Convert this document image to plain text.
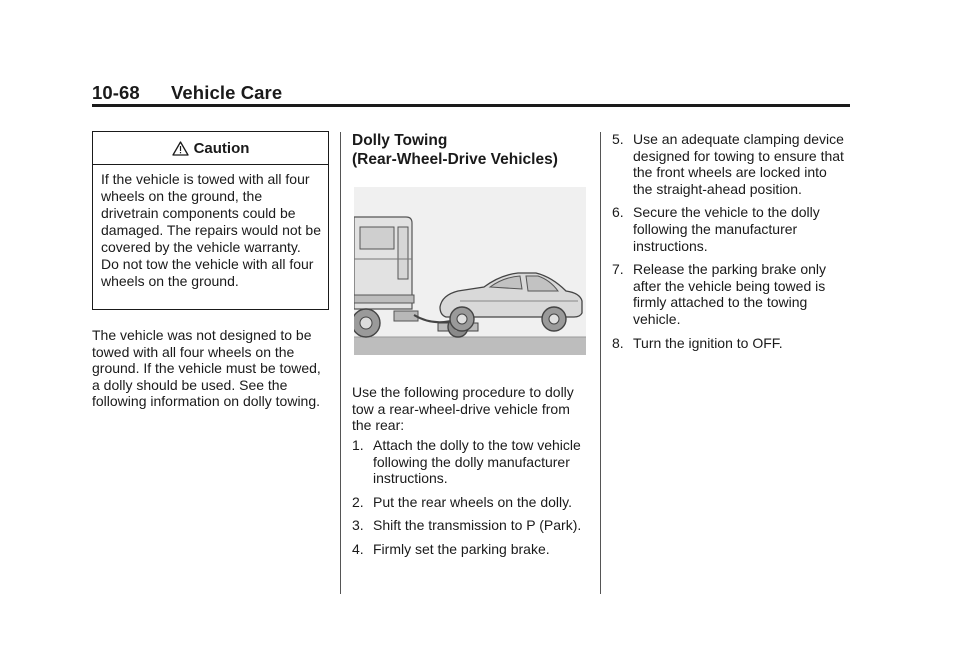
10-68 Vehicle Care
Caution
If the vehicle is towed with all four wheels on the ground, the drivetrain components could be damaged. The repairs would not be covered by the vehicle warranty. Do not tow the vehicle with all four wheels on the ground.

The vehicle was not designed to be towed with all four wheels on the ground. If the vehicle must be towed, a dolly should be used. See the following information on dolly towing.

Dolly Towing
(Rear-Wheel-Drive Vehicles)

Use the following procedure to dolly tow a rear-wheel-drive vehicle from the rear:

1. Attach the dolly to the tow vehicle following the dolly manufacturer instructions.
2. Put the rear wheels on the dolly.
3. Shift the transmission to P (Park).
4. Firmly set the parking brake.
5. Use an adequate clamping device designed for towing to ensure that the front wheels are locked into the straight-ahead position.
6. Secure the vehicle to the dolly following the manufacturer instructions.
7. Release the parking brake only after the vehicle being towed is firmly attached to the towing vehicle.
8. Turn the ignition to OFF.
